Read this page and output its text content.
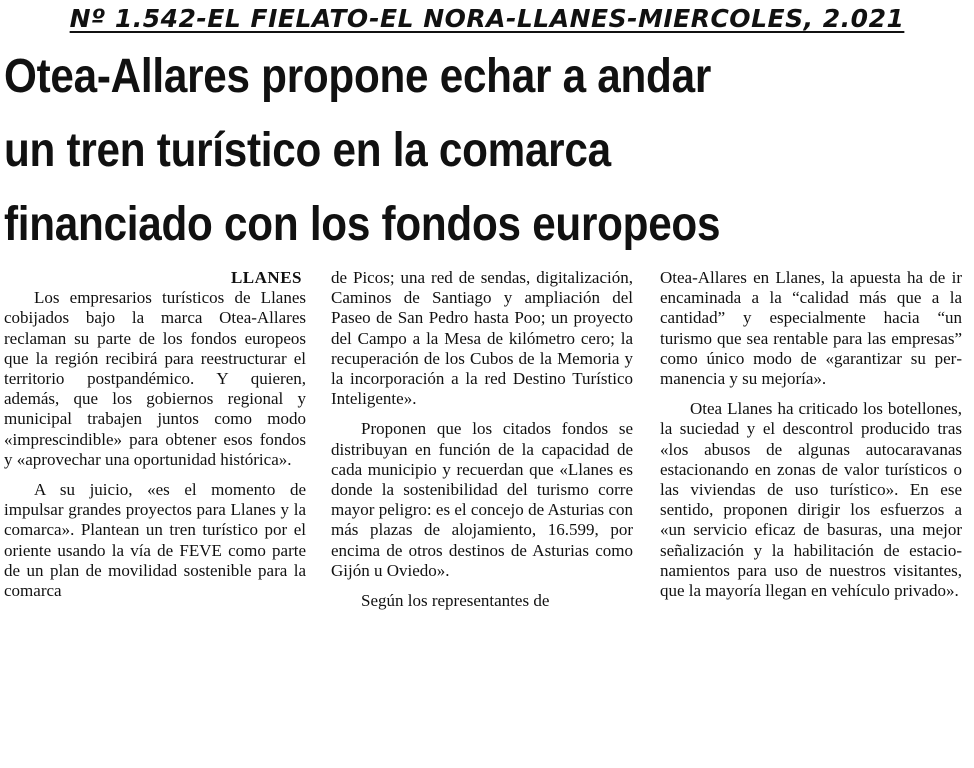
Nº 1.542-EL FIELATO-EL NORA-LLANES-MIERCOLES, 2.021
Otea-Allares propone echar a andar
un tren turístico en la comarca
financiado con los fondos europeos
LLANES

Los empresarios turísticos de Llanes cobijados bajo la marca Otea-Allares reclaman su parte de los fondos europeos que la región recibirá para reestructurar el territorio postpandémico. Y quieren, además, que los gobiernos regional y municipal trabajen juntos como modo «imprescindible» para obtener esos fondos y «aprovechar una oportunidad histórica».

A su juicio, «es el momento de impulsar grandes proyectos para Llanes y la comarca». Plantean un tren turístico por el oriente usando la vía de FEVE como parte de un plan de movilidad sostenible para la comarca

de Picos; una red de sendas, digitalización, Caminos de Santiago y ampliación del Paseo de San Pedro hasta Poo; un proyecto del Campo a la Mesa de kilómetro cero; la recuperación de los Cubos de la Memoria y la incorporación a la red Destino Turístico Inteligente».

Proponen que los citados fondos se distribuyan en función de la capacidad de cada municipio y recuerdan que «Llanes es donde la sostenibilidad del turismo corre mayor peligro: es el concejo de Asturias con más plazas de alojamiento, 16.599, por encima de otros destinos de Asturias como Gijón u Oviedo».

Según los representantes de

Otea-Allares en Llanes, la apuesta ha de ir encaminada a la “calidad más que a la cantidad” y especialmente hacia “un turismo que sea rentable para las empresas” como único modo de «garantizar su permanencia y su mejoría».

Otea Llanes ha criticado los botellones, la suciedad y el descontrol producido tras «los abusos de algunas autocaravanas estacionando en zonas de valor turísticos o las viviendas de uso turístico». En ese sentido, proponen dirigir los esfuerzos a «un servicio eficaz de basuras, una mejor señalización y la habilitación de estacionamientos para uso de nuestros visitantes, que la mayoría llegan en vehículo privado».
